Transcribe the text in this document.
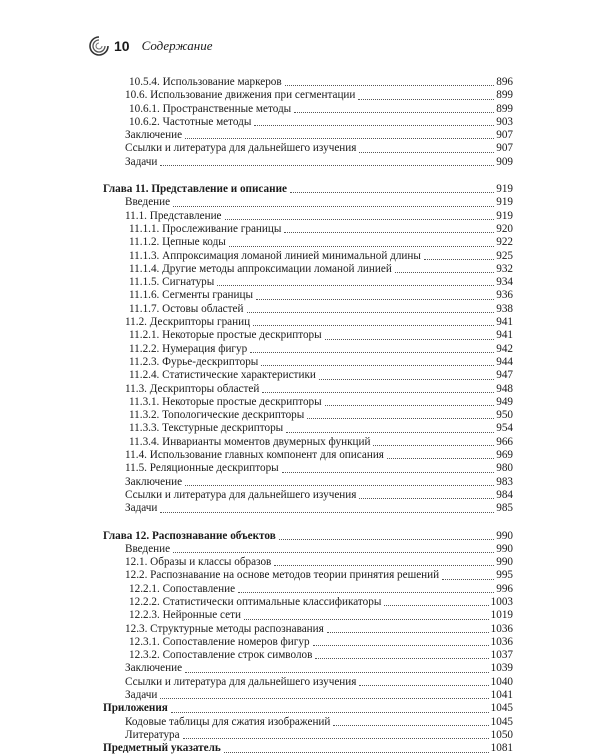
10 Содержание
10.5.4. Использование маркеров	896
10.6. Использование движения при сегментации	899
10.6.1. Пространственные методы	899
10.6.2. Частотные методы	903
Заключение	907
Ссылки и литература для дальнейшего изучения	907
Задачи	909
Глава 11. Представление и описание	919
Введение	919
11.1. Представление	919
11.1.1. Прослеживание границы	920
11.1.2. Цепные коды	922
11.1.3. Аппроксимация ломаной линией минимальной длины	925
11.1.4. Другие методы аппроксимации ломаной линией	932
11.1.5. Сигнатуры	934
11.1.6. Сегменты границы	936
11.1.7. Остовы областей	938
11.2. Дескрипторы границ	941
11.2.1. Некоторые простые дескрипторы	941
11.2.2. Нумерация фигур	942
11.2.3. Фурье-дескрипторы	944
11.2.4. Статистические характеристики	947
11.3. Дескрипторы областей	948
11.3.1. Некоторые простые дескрипторы	949
11.3.2. Топологические дескрипторы	950
11.3.3. Текстурные дескрипторы	954
11.3.4. Инварианты моментов двумерных функций	966
11.4. Использование главных компонент для описания	969
11.5. Реляционные дескрипторы	980
Заключение	983
Ссылки и литература для дальнейшего изучения	984
Задачи	985
Глава 12. Распознавание объектов	990
Введение	990
12.1. Образы и классы образов	990
12.2. Распознавание на основе методов теории принятия решений	995
12.2.1. Сопоставление	996
12.2.2. Статистически оптимальные классификаторы	1003
12.2.3. Нейронные сети	1019
12.3. Структурные методы распознавания	1036
12.3.1. Сопоставление номеров фигур	1036
12.3.2. Сопоставление строк символов	1037
Заключение	1039
Ссылки и литература для дальнейшего изучения	1040
Задачи	1041
Приложения	1045
Кодовые таблицы для сжатия изображений	1045
Литература	1050
Предметный указатель	1081
